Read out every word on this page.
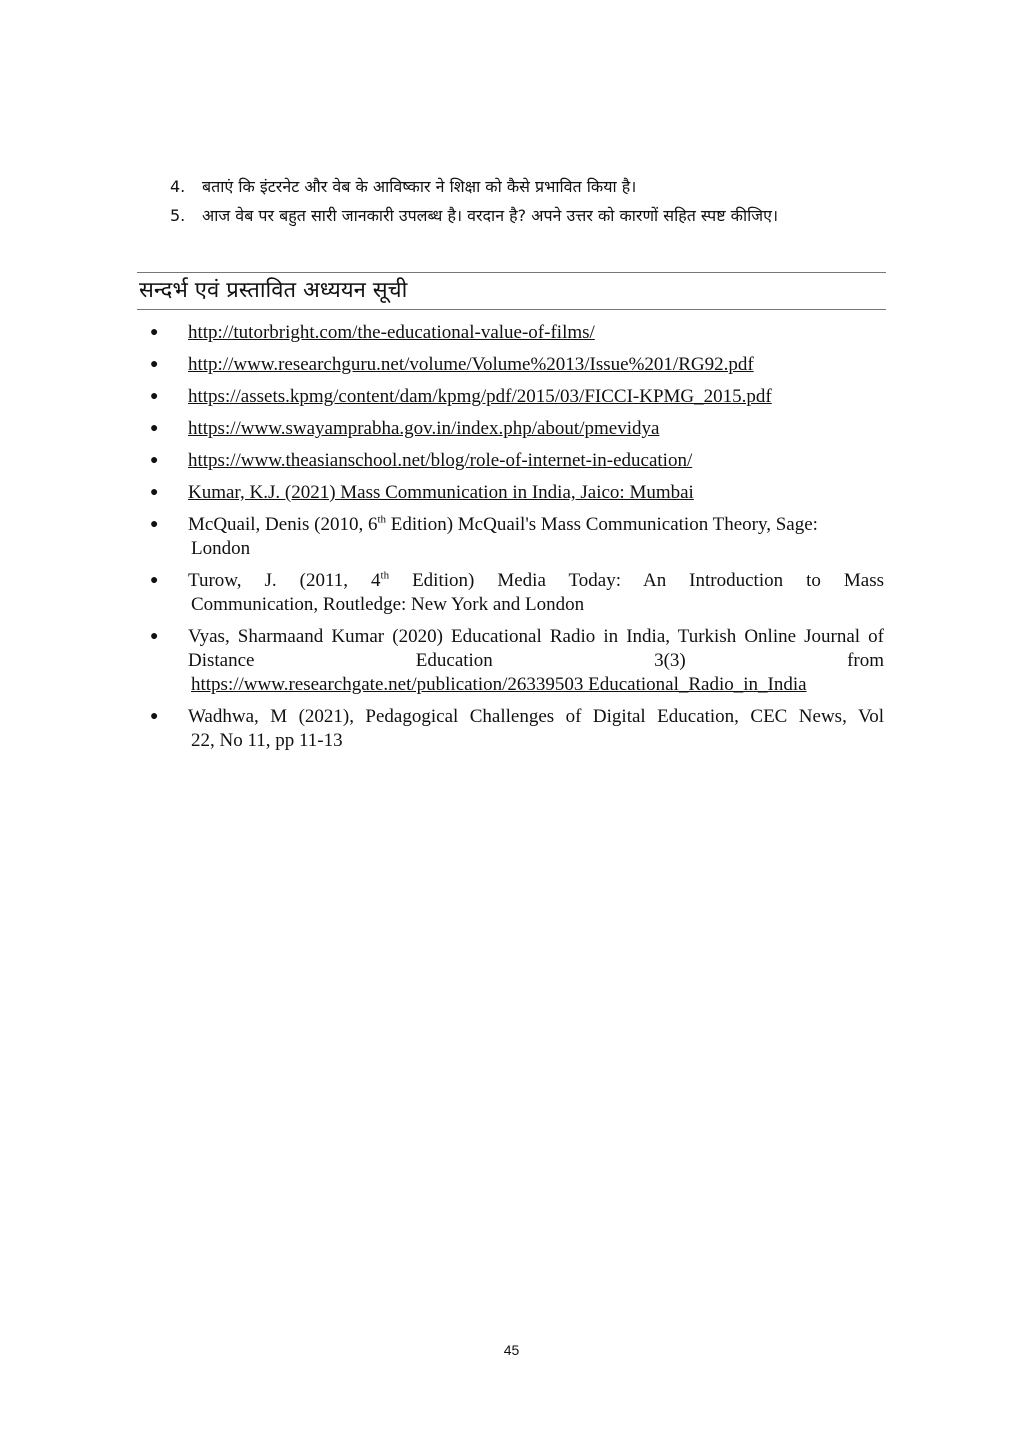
4.	बताएं कि इंटरनेट और वेब के आविष्कार ने शिक्षा को कैसे प्रभावित किया है।
5.	आज वेब पर बहुत सारी जानकारी उपलब्ध है। वरदान है? अपने उत्तर को कारणों सहित स्पष्ट कीजिए।
सन्दर्भ एवं प्रस्तावित अध्ययन सूची
●	http://tutorbright.com/the-educational-value-of-films/
●	http://www.researchguru.net/volume/Volume%2013/Issue%201/RG92.pdf
●	https://assets.kpmg/content/dam/kpmg/pdf/2015/03/FICCI-KPMG_2015.pdf
●	https://www.swayamprabha.gov.in/index.php/about/pmevidya
●	https://www.theasianschool.net/blog/role-of-internet-in-education/
●	Kumar, K.J. (2021) Mass Communication in India, Jaico: Mumbai
●	McQuail, Denis (2010, 6th Edition) McQuail's Mass Communication Theory, Sage:
London
●	Turow, J. (2011, 4th Edition) Media Today: An Introduction to Mass
Communication, Routledge: New York and London
●	Vyas, Sharmaand Kumar (2020) Educational Radio in India, Turkish Online Journal of Distance Education 3(3) from
https://www.researchgate.net/publication/26339503 Educational_Radio_in_India
●	Wadhwa, M (2021), Pedagogical Challenges of Digital Education, CEC News, Vol
22, No 11, pp 11-13
45
